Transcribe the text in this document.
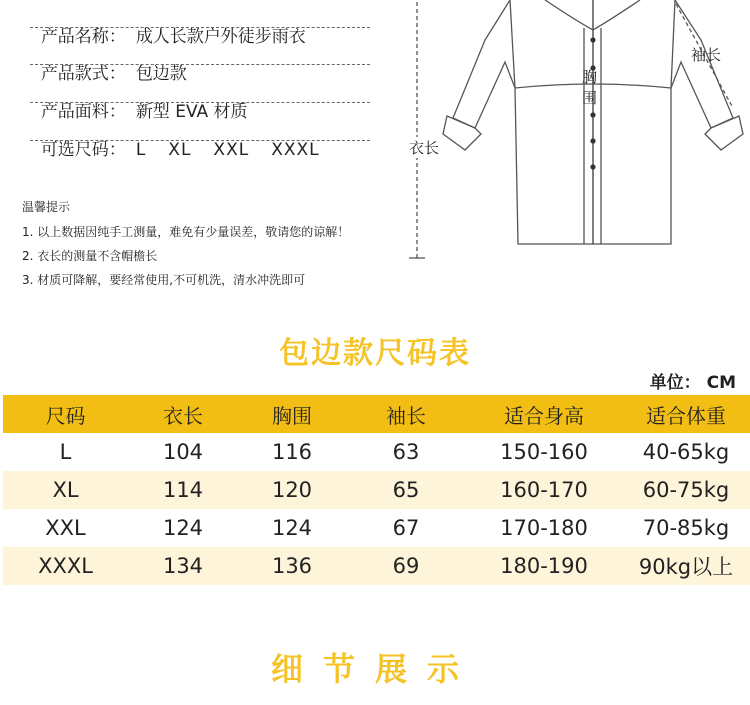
产品名称： 成人长款户外徒步雨衣

产品款式： 包边款

产品面料： 新型 EVA 材质

可选尺码： L XL XXL XXXL

温馨提示
1. 以上数据因纯手工测量，难免有少量误差，敬请您的谅解！
2. 衣长的测量不含帽檐长
3. 材质可降解，要经常使用,不可机洗，清水冲洗即可
袖长
胸
围
衣长
包边款尺码表
单位： CM
尺码	衣长	胸围	袖长	适合身高	适合体重
L	104	116	63	150-160	40-65kg
XL	114	120	65	160-170	60-75kg
XXL	124	124	67	170-180	70-85kg
XXXL	134	136	69	180-190	90kg以上
细节展示
